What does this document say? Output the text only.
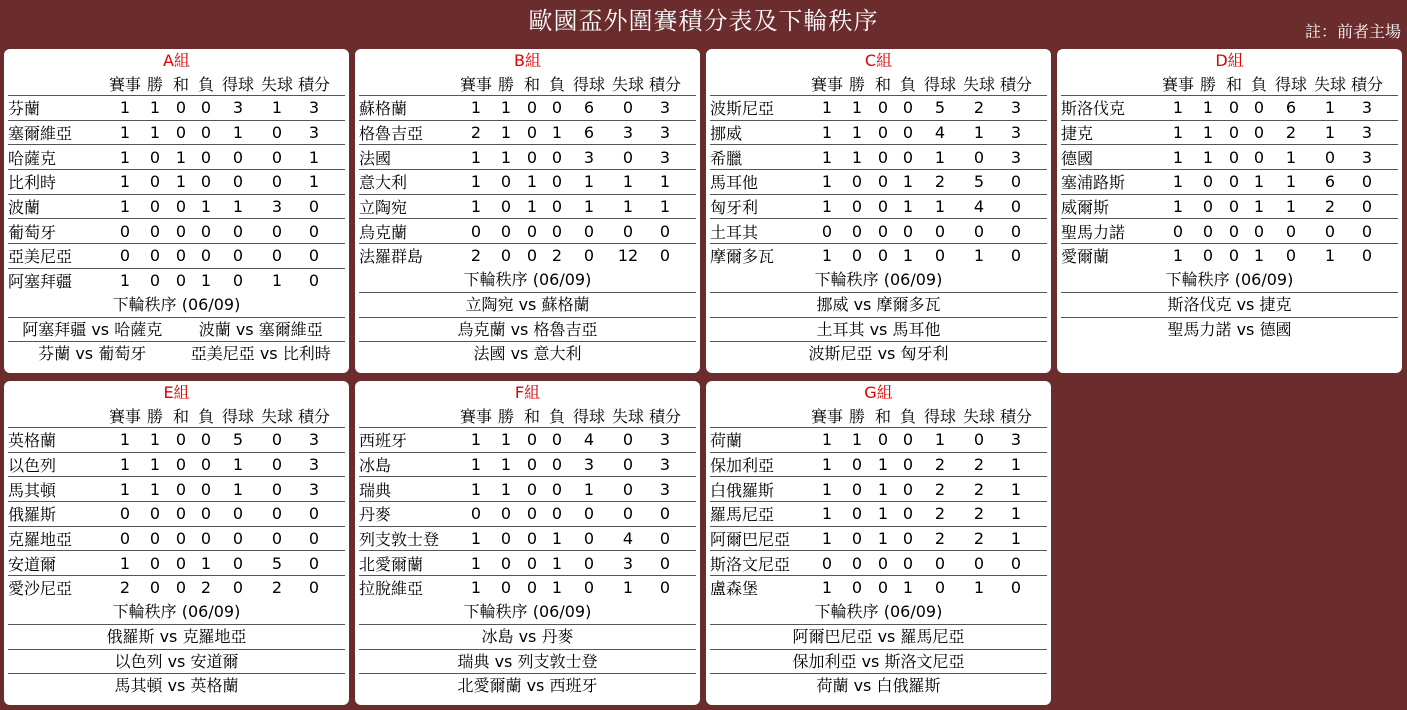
歐國盃外圍賽積分表及下輪秩序	註：前者主場
A組
賽事 勝 和 負 得球 失球 積分
芬蘭	1	1 0 0	3	1	3
塞爾維亞	1	1 0 0	1	0	3
哈薩克	1	0 1 0	0	0	1
比利時	1	0 1 0	0	0	1
波蘭	1	0 0 1	1	3	0
葡萄牙	0	0 0 0	0	0	0
亞美尼亞	0	0 0 0	0	0	0
阿塞拜疆	1	0 0 1	0	1	0
下輪秩序 (06/09)
阿塞拜疆 vs 哈薩克	波蘭 vs 塞爾維亞
芬蘭 vs 葡萄牙	亞美尼亞 vs 比利時
B組
賽事 勝 和 負 得球 失球 積分
蘇格蘭	1	1 0 0	6	0	3
格魯吉亞	2	1 0 1	6	3	3
法國	1	1 0 0	3	0	3
意大利	1	0 1 0	1	1	1
立陶宛	1	0 1 0	1	1	1
烏克蘭	0	0 0 0	0	0	0
法羅群島	2	0 0 2	0	12	0
下輪秩序 (06/09)
立陶宛 vs 蘇格蘭
烏克蘭 vs 格魯吉亞
法國 vs 意大利
C組
賽事 勝 和 負 得球 失球 積分
波斯尼亞	1	1 0 0	5	2	3
挪威	1	1 0 0	4	1	3
希臘	1	1 0 0	1	0	3
馬耳他	1	0 0 1	2	5	0
匈牙利	1	0 0 1	1	4	0
土耳其	0	0 0 0	0	0	0
摩爾多瓦	1	0 0 1	0	1	0
下輪秩序 (06/09)
挪威 vs 摩爾多瓦
土耳其 vs 馬耳他
波斯尼亞 vs 匈牙利
D組
賽事 勝 和 負 得球 失球 積分
斯洛伐克	1	1 0 0	6	1	3
捷克	1	1 0 0	2	1	3
德國	1	1 0 0	1	0	3
塞浦路斯	1	0 0 1	1	6	0
威爾斯	1	0 0 1	1	2	0
聖馬力諾	0	0 0 0	0	0	0
愛爾蘭	1	0 0 1	0	1	0
下輪秩序 (06/09)
斯洛伐克 vs 捷克
聖馬力諾 vs 德國
E組
賽事 勝 和 負 得球 失球 積分
英格蘭	1	1 0 0	5	0	3
以色列	1	1 0 0	1	0	3
馬其頓	1	1 0 0	1	0	3
俄羅斯	0	0 0 0	0	0	0
克羅地亞	0	0 0 0	0	0	0
安道爾	1	0 0 1	0	5	0
愛沙尼亞	2	0 0 2	0	2	0
下輪秩序 (06/09)
俄羅斯 vs 克羅地亞
以色列 vs 安道爾
馬其頓 vs 英格蘭
F組
賽事 勝 和 負 得球 失球 積分
西班牙	1	1 0 0	4	0	3
冰島	1	1 0 0	3	0	3
瑞典	1	1 0 0	1	0	3
丹麥	0	0 0 0	0	0	0
列支敦士登	1	0 0 1	0	4	0
北愛爾蘭	1	0 0 1	0	3	0
拉脫維亞	1	0 0 1	0	1	0
下輪秩序 (06/09)
冰島 vs 丹麥
瑞典 vs 列支敦士登
北愛爾蘭 vs 西班牙
G組
賽事 勝 和 負 得球 失球 積分
荷蘭	1	1 0 0	1	0	3
保加利亞	1	0 1 0	2	2	1
白俄羅斯	1	0 1 0	2	2	1
羅馬尼亞	1	0 1 0	2	2	1
阿爾巴尼亞	1	0 1 0	2	2	1
斯洛文尼亞	0	0 0 0	0	0	0
盧森堡	1	0 0 1	0	1	0
下輪秩序 (06/09)
阿爾巴尼亞 vs 羅馬尼亞
保加利亞 vs 斯洛文尼亞
荷蘭 vs 白俄羅斯
